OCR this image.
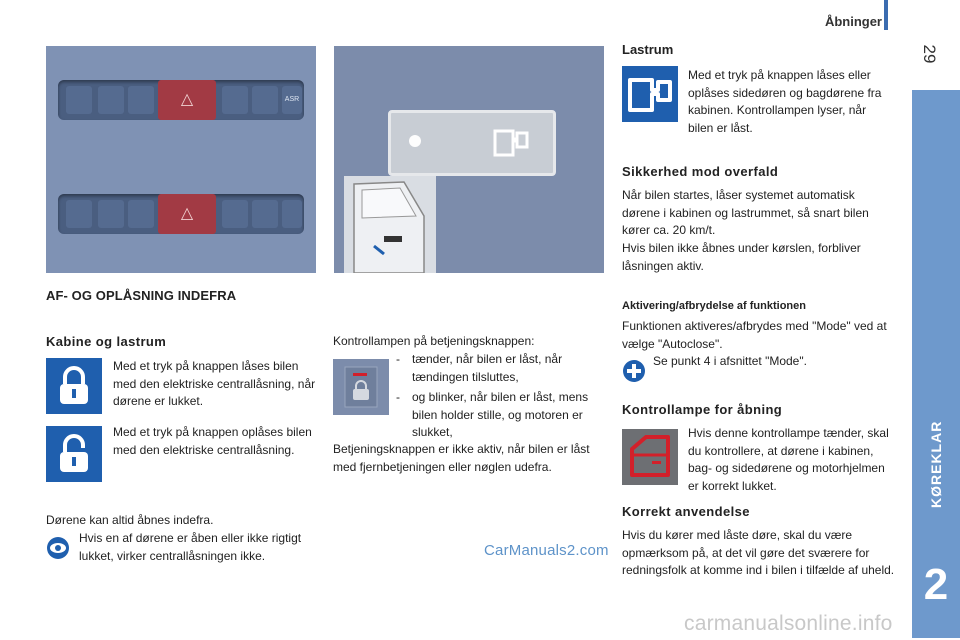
Åbninger
29
KØREKLAR
2
△	ASR
△
AF- OG OPLÅSNING INDEFRA
Kabine og lastrum
Med et tryk på knappen låses bilen med den elektriske centrallåsning, når dørene er lukket.
Med et tryk på knappen oplåses bilen med den elektriske centrallåsning.
Dørene kan altid åbnes indefra.
Hvis en af dørene er åben eller ikke rigtigt lukket, virker centrallåsningen ikke.
Kontrollampen på betjeningsknappen:
- tænder, når bilen er låst, når tændingen tilsluttes,
- og blinker, når bilen er låst, mens bilen holder stille, og motoren er slukket,
Betjeningsknappen er ikke aktiv, når bilen er låst med fjernbetjeningen eller nøglen udefra.
Lastrum
Med et tryk på knappen låses eller oplåses sidedøren og bagdørene fra kabinen. Kontrollampen lyser, når bilen er låst.
Sikkerhed mod overfald
Når bilen startes, låser systemet automatisk dørene i kabinen og lastrummet, så snart bilen kører ca. 20 km/t.
Hvis bilen ikke åbnes under kørslen, forbliver låsningen aktiv.
Aktivering/afbrydelse af funktionen
Funktionen aktiveres/afbrydes med "Mode" ved at vælge "Autoclose".
Se punkt 4 i afsnittet "Mode".
Kontrollampe for åbning
Hvis denne kontrollampe tænder, skal du kontrollere, at dørene i kabinen, bag- og sidedørene og motorhjelmen er korrekt lukket.
Korrekt anvendelse
Hvis du kører med låste døre, skal du være opmærksom på, at det vil gøre det sværere for redningsfolk at komme ind i bilen i tilfælde af uheld.
CarManuals2.com
carmanualsonline.info
